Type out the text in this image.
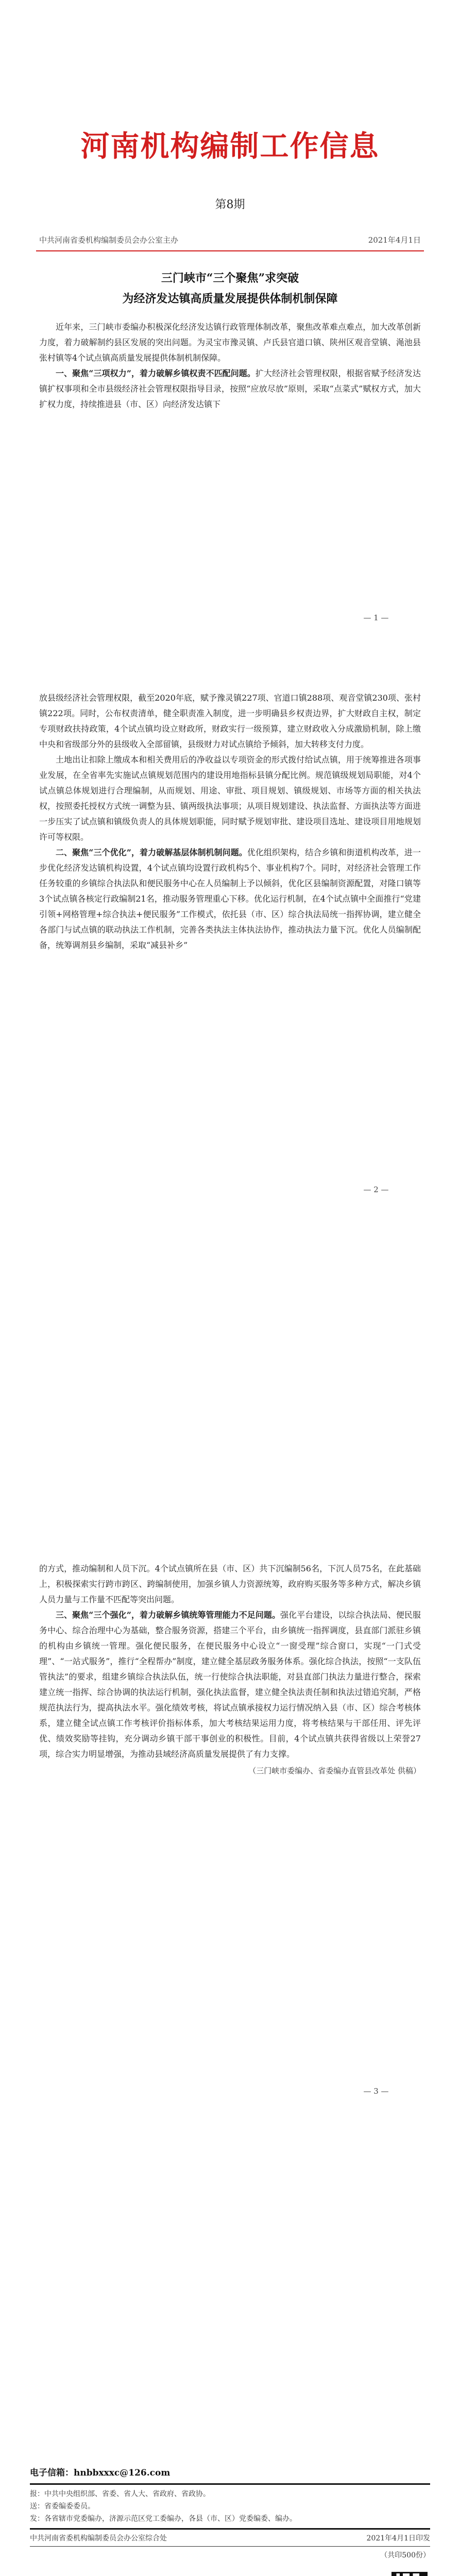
河南机构编制工作信息
第8期
中共河南省委机构编制委员会办公室主办	2021年4月1日
三门峡市“三个聚焦”求突破
为经济发达镇高质量发展提供体制机制保障

近年来，三门峡市委编办积极深化经济发达镇行政管理体制改革，聚焦改革难点难点，加大改革创新力度，着力破解制约县区发展的突出问题。为灵宝市豫灵镇、卢氏县官道口镇、陕州区观音堂镇、渑池县张村镇等4个试点镇高质量发展提供体制机制保障。

一、聚焦“三项权力”，着力破解乡镇权责不匹配问题。扩大经济社会管理权限，根据省赋予经济发达镇扩权事项和全市县级经济社会管理权限指导目录，按照“应放尽放”原则，采取“点菜式”赋权方式，加大扩权力度，持续推进县（市、区）向经济发达镇下

— 1 —

放县级经济社会管理权限，截至2020年底，赋予豫灵镇227项、官道口镇288项、观音堂镇230项、张村镇222项。同时，公布权责清单，健全职责准入制度，进一步明确县乡权责边界，扩大财政自主权，制定专项财政扶持政策，4个试点镇均设立财政所，财政实行一级预算，建立财政收入分成激励机制，除上缴中央和省级部分外的县级收入全部留镇，县级财力对试点镇给予倾斜，加大转移支付力度。

土地出让扣除上缴成本和相关费用后的净收益以专项资金的形式拨付给试点镇，用于统筹推进各项事业发展，在全省率先实施试点镇规划范围内的建设用地指标县镇分配比例。规范镇级规划局职能，对4个试点镇总体规划进行合理编制，从而规划、用途、审批、项目规划、镇级规划、市场等方面的相关执法权，按照委托授权方式统一调整为县、镇两级执法事项；从项目规划建设、执法监督、方面执法等方面进一步压实了试点镇和镇级负责人的具体规划职能，同时赋予规划审批、建设项目选址、建设项目用地规划许可等权限。

二、聚焦“三个优化”，着力破解基层体制机制问题。优化组织架构，结合乡镇和街道机构改革，进一步优化经济发达镇机构设置，4个试点镇均设置行政机构5个、事业机构7个。同时，对经济社会管理工作任务较重的乡镇综合执法队和便民服务中心在人员编制上予以倾斜，优化区县编制资源配置，对隆口镇等3个试点镇各核定行政编制21名，推动服务管理重心下移。优化运行机制，在4个试点镇中全面推行“党建引领+网格管理+综合执法+便民服务”工作模式，依托县（市、区）综合执法局统一指挥协调，建立健全各部门与试点镇的联动执法工作机制，完善各类执法主体执法协作，推动执法力量下沉。优化人员编制配备，统筹调剂县乡编制，采取“减县补乡”

— 2 —

的方式，推动编制和人员下沉。4个试点镇所在县（市、区）共下沉编制56名，下沉人员75名，在此基础上，积极探索实行跨市跨区、跨编制使用，加强乡镇人力资源统筹，政府购买服务等多种方式，解决乡镇人员力量与工作量不匹配等突出问题。

三、聚焦“三个强化”，着力破解乡镇统筹管理能力不足问题。强化平台建设，以综合执法局、便民服务中心、综合治理中心为基础，整合服务资源，搭建三个平台，由乡镇统一指挥调度，县直部门派驻乡镇的机构由乡镇统一管理。强化便民服务，在便民服务中心设立“一窗受理”综合窗口，实现“一门式受理”、“一站式服务”，推行“全程帮办”制度，建立健全基层政务服务体系。强化综合执法，按照“一支队伍管执法”的要求，组建乡镇综合执法队伍，统一行使综合执法职能，对县直部门执法力量进行整合，探索建立统一指挥、综合协调的执法运行机制，强化执法监督，建立健全执法责任制和执法过错追究制，严格规范执法行为，提高执法水平。强化绩效考核，将试点镇承接权力运行情况纳入县（市、区）综合考核体系，建立健全试点镇工作考核评价指标体系，加大考核结果运用力度，将考核结果与干部任用、评先评优、绩效奖励等挂钩，充分调动乡镇干部干事创业的积极性。目前，4个试点镇共获得省级以上荣誉27项，综合实力明显增强，为推动县域经济高质量发展提供了有力支撑。

（三门峡市委编办、省委编办直管县改革处 供稿）
— 3 —
电子信箱：hnbbxxxc@126.com
报：中共中央组织部、省委、省人大、省政府、省政协。
送：省委编委委员。
发：各省辖市党委编办，济源示范区党工委编办，各县（市、区）党委编委、编办。
中共河南省委机构编制委员会办公室综合处	2021年4月1日印发
（共印500份）
